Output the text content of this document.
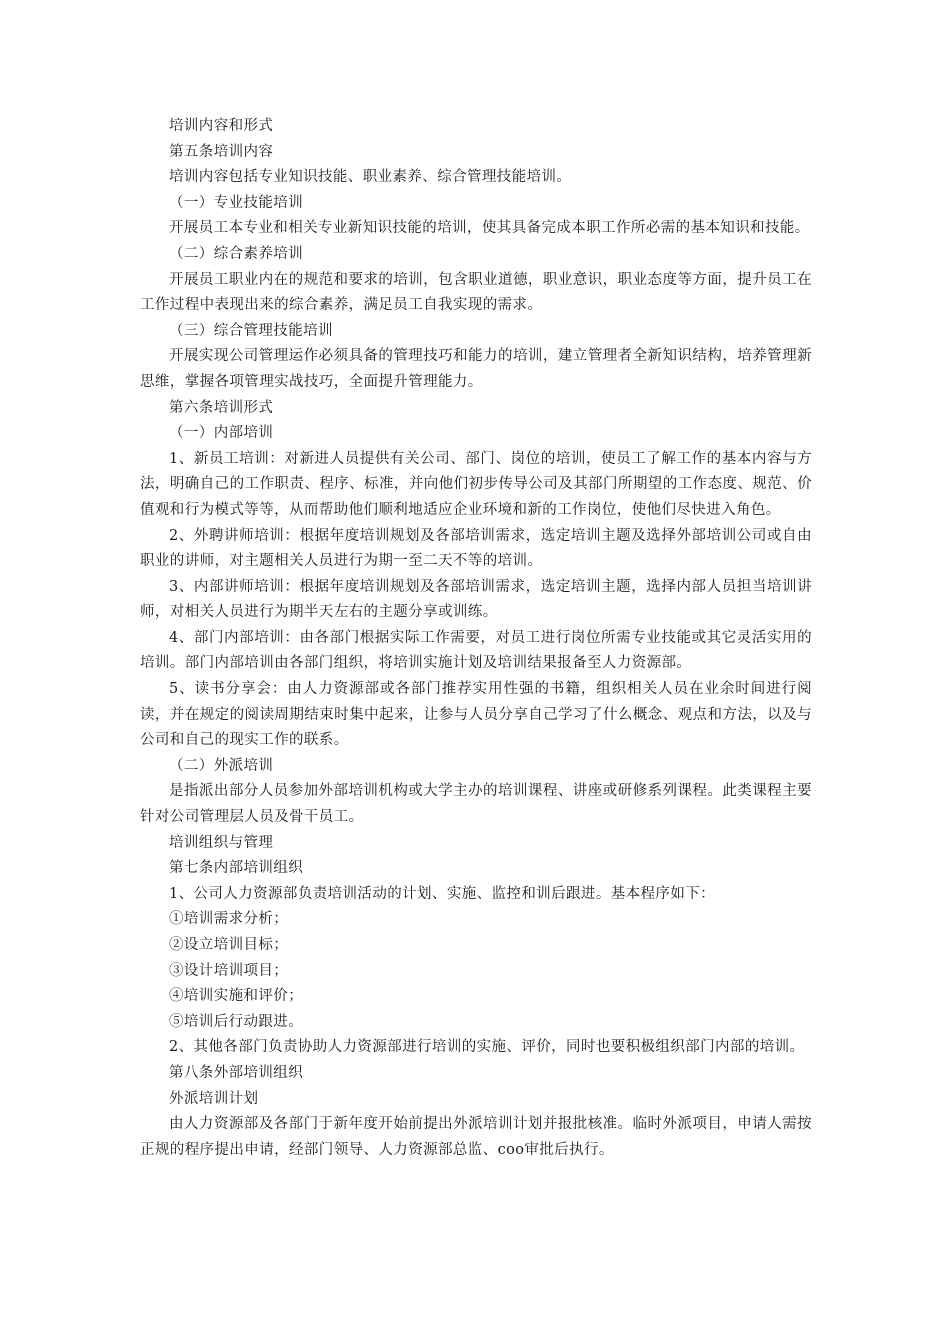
培训内容和形式

第五条培训内容

培训内容包括专业知识技能、职业素养、综合管理技能培训。

（一）专业技能培训

开展员工本专业和相关专业新知识技能的培训，使其具备完成本职工作所必需的基本知识和技能。

（二）综合素养培训

开展员工职业内在的规范和要求的培训，包含职业道德，职业意识，职业态度等方面，提升员工在工作过程中表现出来的综合素养，满足员工自我实现的需求。

（三）综合管理技能培训

开展实现公司管理运作必须具备的管理技巧和能力的培训，建立管理者全新知识结构，培养管理新思维，掌握各项管理实战技巧，全面提升管理能力。

第六条培训形式

（一）内部培训

1、新员工培训：对新进人员提供有关公司、部门、岗位的培训，使员工了解工作的基本内容与方法，明确自己的工作职责、程序、标准，并向他们初步传导公司及其部门所期望的工作态度、规范、价值观和行为模式等等，从而帮助他们顺利地适应企业环境和新的工作岗位，使他们尽快进入角色。

2、外聘讲师培训：根据年度培训规划及各部培训需求，选定培训主题及选择外部培训公司或自由职业的讲师，对主题相关人员进行为期一至二天不等的培训。

3、内部讲师培训：根据年度培训规划及各部培训需求，选定培训主题，选择内部人员担当培训讲师，对相关人员进行为期半天左右的主题分享或训练。

4、部门内部培训：由各部门根据实际工作需要，对员工进行岗位所需专业技能或其它灵活实用的培训。部门内部培训由各部门组织，将培训实施计划及培训结果报备至人力资源部。

5、读书分享会：由人力资源部或各部门推荐实用性强的书籍，组织相关人员在业余时间进行阅读，并在规定的阅读周期结束时集中起来，让参与人员分享自己学习了什么概念、观点和方法，以及与公司和自己的现实工作的联系。

（二）外派培训

是指派出部分人员参加外部培训机构或大学主办的培训课程、讲座或研修系列课程。此类课程主要针对公司管理层人员及骨干员工。

培训组织与管理

第七条内部培训组织

1、公司人力资源部负责培训活动的计划、实施、监控和训后跟进。基本程序如下：

①培训需求分析；

②设立培训目标；

③设计培训项目；

④培训实施和评价；

⑤培训后行动跟进。

2、其他各部门负责协助人力资源部进行培训的实施、评价，同时也要积极组织部门内部的培训。

第八条外部培训组织

外派培训计划

由人力资源部及各部门于新年度开始前提出外派培训计划并报批核准。临时外派项目，申请人需按正规的程序提出申请，经部门领导、人力资源部总监、coo审批后执行。
